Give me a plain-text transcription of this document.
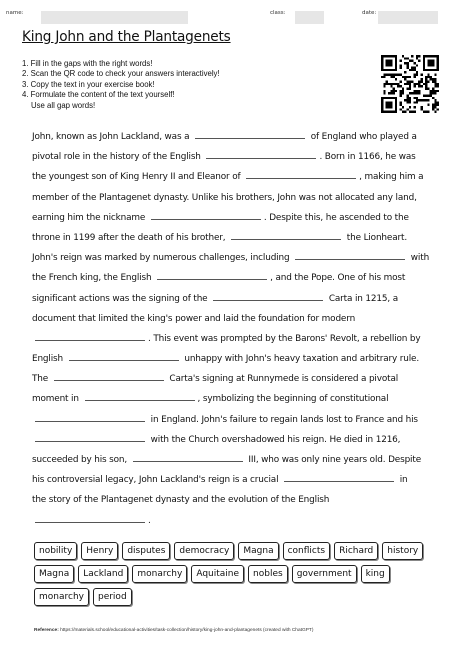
name:	class:	date:
King John and the Plantagenets
1. Fill in the gaps with the right words!
2. Scan the QR code to check your answers interactively!
3. Copy the text in your exercise book!
4. Formulate the content of the text yourself!
Use all gap words!
John, known as John Lackland, was a	of England who played a
pivotal role in the history of the English	. Born in 1166, he was
the youngest son of King Henry II and Eleanor of	, making him a
member of the Plantagenet dynasty. Unlike his brothers, John was not allocated any land,
earning him the nickname	. Despite this, he ascended to the
throne in 1199 after the death of his brother,	the Lionheart.
John's reign was marked by numerous challenges, including	with
the French king, the English	, and the Pope. One of his most
significant actions was the signing of the	Carta in 1215, a
document that limited the king's power and laid the foundation for modern
. This event was prompted by the Barons' Revolt, a rebellion by
English	unhappy with John's heavy taxation and arbitrary rule.
The	Carta's signing at Runnymede is considered a pivotal
moment in	, symbolizing the beginning of constitutional
in England. John's failure to regain lands lost to France and his
with the Church overshadowed his reign. He died in 1216,
succeeded by his son,	III, who was only nine years old. Despite
his controversial legacy, John Lackland's reign is a crucial	in
the story of the Plantagenet dynasty and the evolution of the English
.
nobility	Henry	disputes	democracy	Magna	conflicts	Richard	history
Magna	Lackland	monarchy	Aquitaine	nobles	government	king
monarchy	period
Reference: https://materials.school/educational-activities/task-collection/history/king-john-and-plantagenets (created with ChatGPT)
